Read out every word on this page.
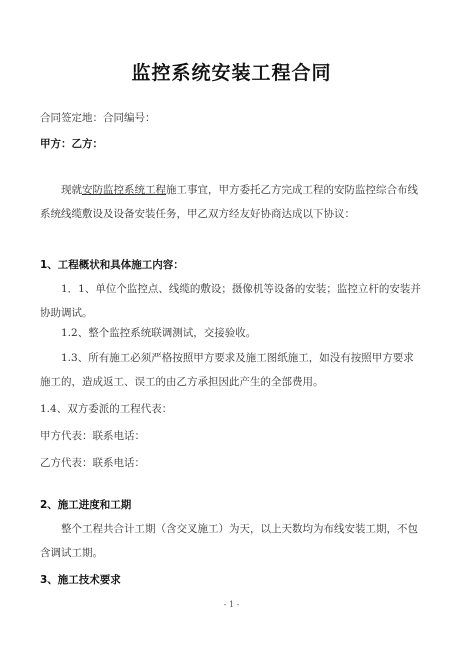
监控系统安装工程合同
合同签定地：合同编号：
甲方：乙方：
现就安防监控系统工程施工事宜，甲方委托乙方完成工程的安防监控综合布线系统线缆敷设及设备安装任务，甲乙双方经友好协商达成以下协议：
1、工程概状和具体施工内容：
1．1、单位个监控点、线缆的敷设；摄像机等设备的安装；监控立杆的安装并协助调试。
1.2、整个监控系统联调测试，交接验收。
1.3、所有施工必须严格按照甲方要求及施工图纸施工，如没有按照甲方要求施工的，造成返工、误工的由乙方承担因此产生的全部费用。
1.4、双方委派的工程代表：
甲方代表：联系电话：
乙方代表：联系电话：
2、施工进度和工期
整个工程共合计工期（含交叉施工）为天，以上天数均为布线安装工期，不包含调试工期。
3、施工技术要求
- 1 -
